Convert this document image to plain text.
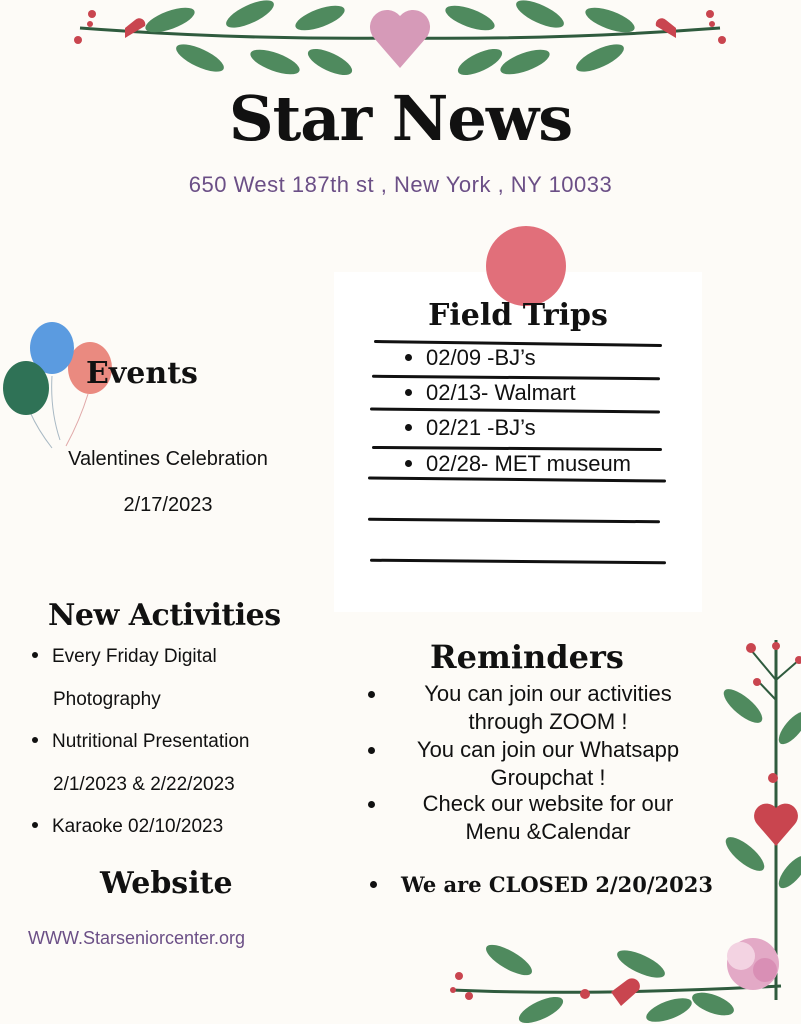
Star News
650 West 187th st , New York , NY 10033
Field Trips
02/09 -BJ’s
02/13- Walmart
02/21 -BJ’s
02/28- MET museum
Events
Valentines Celebration
2/17/2023
New Activities
Every Friday Digital
Photography
Nutritional Presentation
2/1/2023 & 2/22/2023
Karaoke 02/10/2023
Website
WWW.Starseniorcenter.org
Reminders
You can join our activities
through ZOOM !
You can join our Whatsapp
Groupchat !
Check our website for our
Menu &Calendar
We are CLOSED 2/20/2023
